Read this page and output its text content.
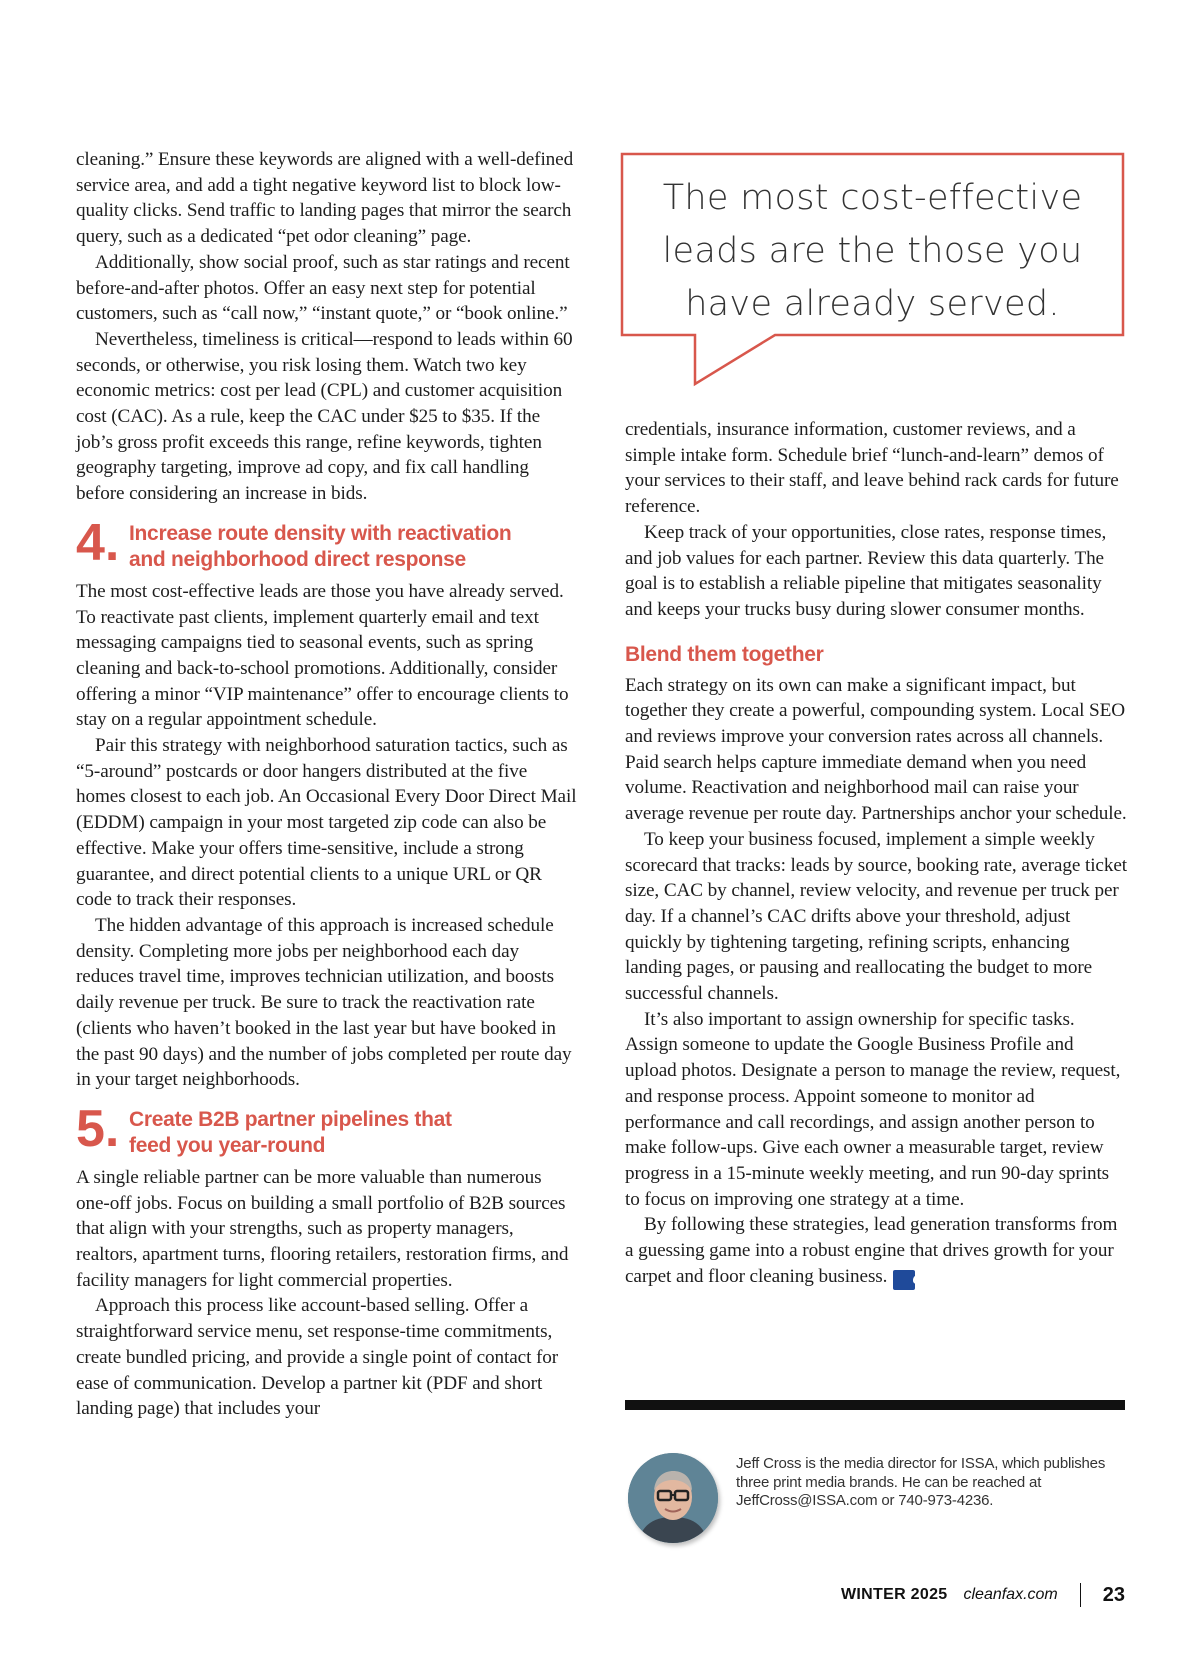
cleaning.” Ensure these keywords are aligned with a well-defined service area, and add a tight negative keyword list to block low-quality clicks. Send traffic to landing pages that mirror the search query, such as a dedicated “pet odor cleaning” page.

Additionally, show social proof, such as star ratings and recent before-and-after photos. Offer an easy next step for potential customers, such as “call now,” “instant quote,” or “book online.”

Nevertheless, timeliness is critical—respond to leads within 60 seconds, or otherwise, you risk losing them. Watch two key economic metrics: cost per lead (CPL) and customer acquisition cost (CAC). As a rule, keep the CAC under $25 to $35. If the job’s gross profit exceeds this range, refine keywords, tighten geography targeting, improve ad copy, and fix call handling before considering an increase in bids.

4. Increase route density with reactivation
and neighborhood direct response

The most cost-effective leads are those you have already served. To reactivate past clients, implement quarterly email and text messaging campaigns tied to seasonal events, such as spring cleaning and back-to-school promotions. Additionally, consider offering a minor “VIP maintenance” offer to encourage clients to stay on a regular appointment schedule.

Pair this strategy with neighborhood saturation tactics, such as “5-around” postcards or door hangers distributed at the five homes closest to each job. An Occasional Every Door Direct Mail (EDDM) campaign in your most targeted zip code can also be effective. Make your offers time-sensitive, include a strong guarantee, and direct potential clients to a unique URL or QR code to track their responses.

The hidden advantage of this approach is increased schedule density. Completing more jobs per neighborhood each day reduces travel time, improves technician utilization, and boosts daily revenue per truck. Be sure to track the reactivation rate (clients who haven’t booked in the last year but have booked in the past 90 days) and the number of jobs completed per route day in your target neighborhoods.

5. Create B2B partner pipelines that
feed you year-round

A single reliable partner can be more valuable than numerous one-off jobs. Focus on building a small portfolio of B2B sources that align with your strengths, such as property managers, realtors, apartment turns, flooring retailers, restoration firms, and facility managers for light commercial properties.

Approach this process like account-based selling. Offer a straightforward service menu, set response-time commitments, create bundled pricing, and provide a single point of contact for ease of communication. Develop a partner kit (PDF and short landing page) that includes your

The most cost-effective
leads are the those you
have already served.

credentials, insurance information, customer reviews, and a simple intake form. Schedule brief “lunch-and-learn” demos of your services to their staff, and leave behind rack cards for future reference.

Keep track of your opportunities, close rates, response times, and job values for each partner. Review this data quarterly. The goal is to establish a reliable pipeline that mitigates seasonality and keeps your trucks busy during slower consumer months.

Blend them together

Each strategy on its own can make a significant impact, but together they create a powerful, compounding system. Local SEO and reviews improve your conversion rates across all channels. Paid search helps capture immediate demand when you need volume. Reactivation and neighborhood mail can raise your average revenue per route day. Partnerships anchor your schedule.

To keep your business focused, implement a simple weekly scorecard that tracks: leads by source, booking rate, average ticket size, CAC by channel, review velocity, and revenue per truck per day. If a channel’s CAC drifts above your threshold, adjust quickly by tightening targeting, refining scripts, enhancing landing pages, or pausing and reallocating the budget to more successful channels.

It’s also important to assign ownership for specific tasks. Assign someone to update the Google Business Profile and upload photos. Designate a person to manage the review, request, and response process. Appoint someone to monitor ad performance and call recordings, and assign another person to make follow-ups. Give each owner a measurable target, review progress in a 15-minute weekly meeting, and run 90-day sprints to focus on improving one strategy at a time.

By following these strategies, lead generation transforms from a guessing game into a robust engine that drives growth for your carpet and floor cleaning business. CF

Jeff Cross is the media director for ISSA, which publishes three print media brands. He can be reached at JeffCross@ISSA.com or 740-973-4236.
WINTER 2025 cleanfax.com 23
